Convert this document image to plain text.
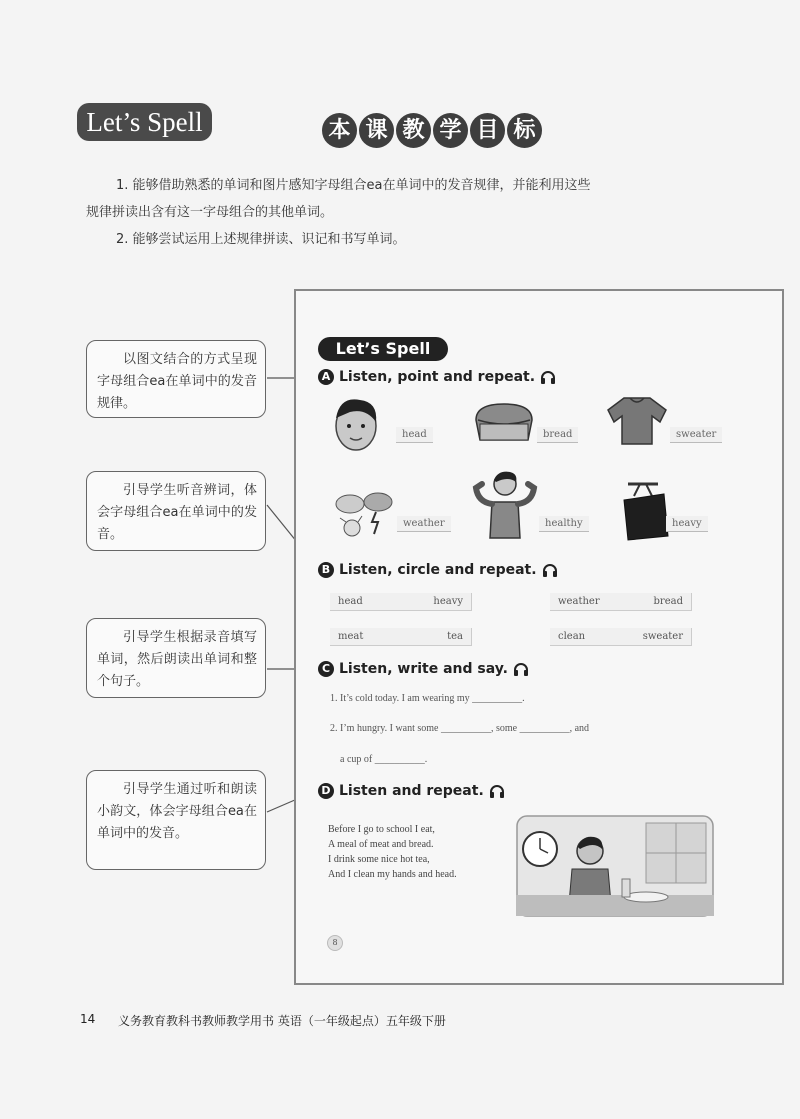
Let’s Spell	本 课 教 学 目 标
1. 能够借助熟悉的单词和图片感知字母组合ea在单词中的发音规律，并能利用这些
规律拼读出含有这一字母组合的其他单词。
2. 能够尝试运用上述规律拼读、识记和书写单词。
以图文结合的方式呈现字母组合ea在单词中的发音规律。
引导学生听音辨词，体会字母组合ea在单词中的发音。
引导学生根据录音填写单词，然后朗读出单词和整个句子。
引导学生通过听和朗读小韵文，体会字母组合ea在单词中的发音。
Let’s Spell
A Listen, point and repeat.
head	bread	sweater
weather	healthy	heavy
B Listen, circle and repeat.
head	heavy	weather	bread
meat	tea	clean	sweater
C Listen, write and say.
1. It’s cold today. I am wearing my __________.
2. I’m hungry. I want some __________, some __________, and
a cup of __________.
D Listen and repeat.
Before I go to school I eat,
A meal of meat and bread.
I drink some nice hot tea,
And I clean my hands and head.
8
14 义务教育教科书教师教学用书 英语（一年级起点）五年级下册
